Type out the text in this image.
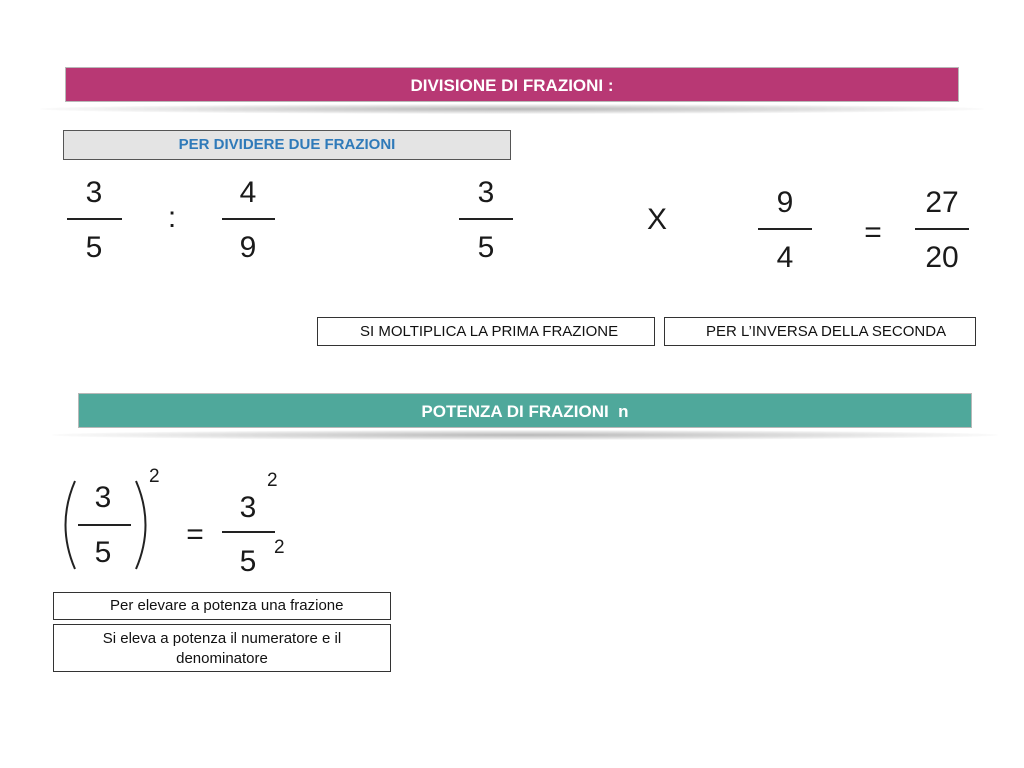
DIVISIONE DI FRAZIONI :
PER DIVIDERE DUE FRAZIONI
3
5
:
4
9
3
5
X
9
4
=
27
20
SI MOLTIPLICA LA PRIMA FRAZIONE	PER L’INVERSA DELLA SECONDA
POTENZA DI FRAZIONI  n
3
5
2
=
3
2
5 2
Per elevare a potenza una frazione
Si eleva a potenza il numeratore e il denominatore
